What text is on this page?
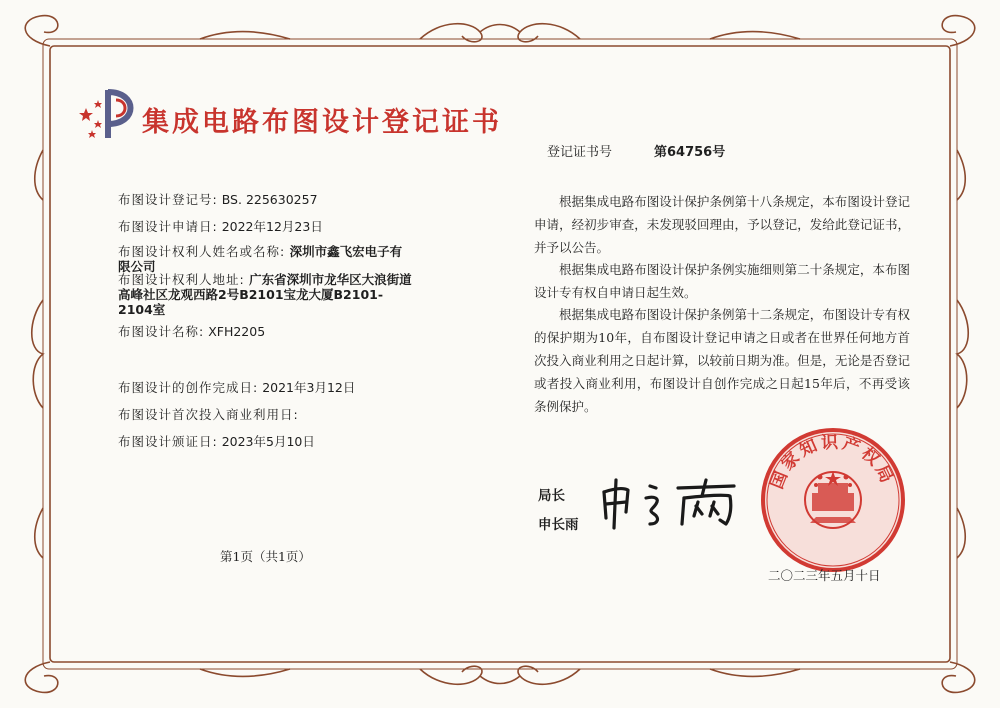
集成电路布图设计登记证书
登记证书号	第64756号
布图设计登记号: BS. 225630257
布图设计申请日: 2022年12月23日
布图设计权利人姓名或名称: 深圳市鑫飞宏电子有限公司
布图设计权利人地址: 广东省深圳市龙华区大浪街道高峰社区龙观西路2号B2101宝龙大厦B2101-2104室
布图设计名称: XFH2205
布图设计的创作完成日: 2021年3月12日
布图设计首次投入商业利用日:
布图设计颁证日: 2023年5月10日
根据集成电路布图设计保护条例第十八条规定，本布图设计登记申请，经初步审查，未发现驳回理由，予以登记，发给此登记证书，并予以公告。
根据集成电路布图设计保护条例实施细则第二十条规定，本布图设计专有权自申请日起生效。
根据集成电路布图设计保护条例第十二条规定，布图设计专有权的保护期为10年，自布图设计登记申请之日或者在世界任何地方首次投入商业利用之日起计算，以较前日期为准。但是，无论是否登记或者投入商业利用，布图设计自创作完成之日起15年后，不再受该条例保护。
局长
申长雨
国家知识产权局
二〇二三年五月十日
第1页（共1页）
